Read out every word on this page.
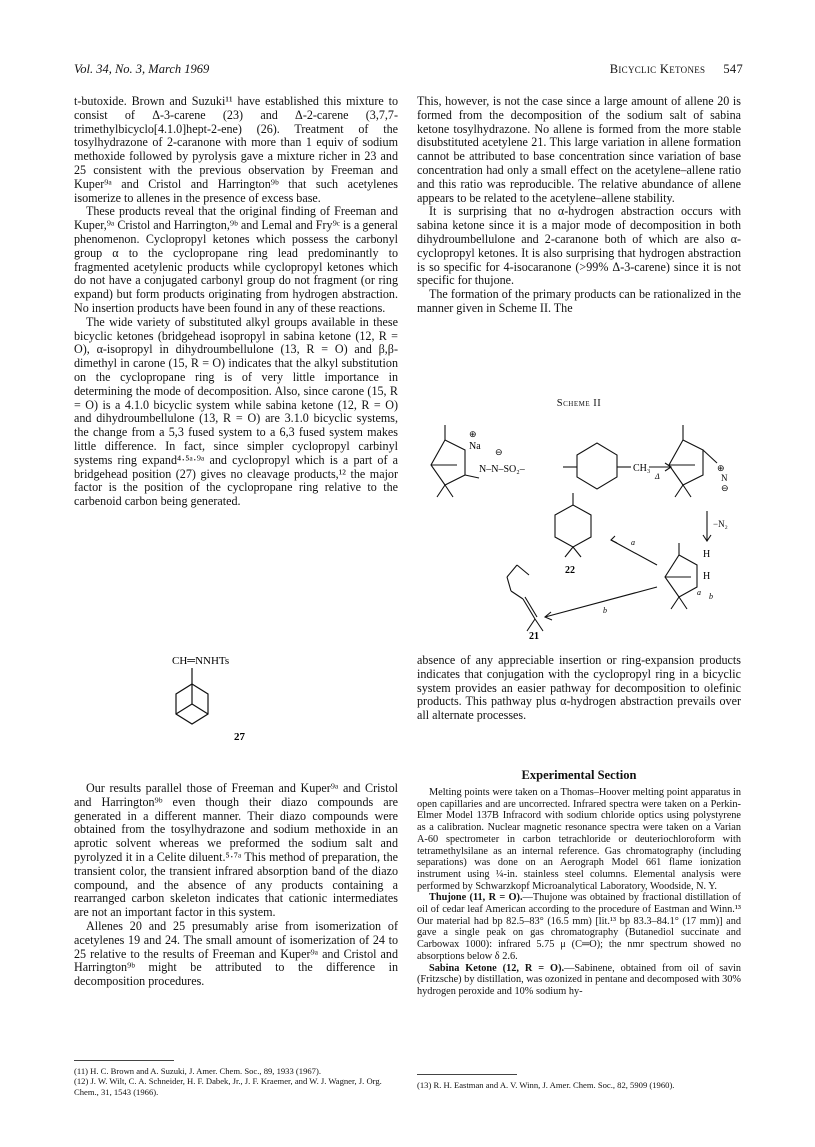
Vol. 34, No. 3, March 1969	Bicyclic Ketones 547

t-butoxide. Brown and Suzuki¹¹ have established this mixture to consist of Δ-3-carene (23) and Δ-2-carene (3,7,7-trimethylbicyclo[4.1.0]hept-2-ene) (26). Treatment of the tosylhydrazone of 2-caranone with more than 1 equiv of sodium methoxide followed by pyrolysis gave a mixture richer in 23 and 25 consistent with the previous observation by Freeman and Kuper⁹ᵃ and Cristol and Harrington⁹ᵇ that such acetylenes isomerize to allenes in the presence of excess base.

These products reveal that the original finding of Freeman and Kuper,⁹ᵃ Cristol and Harrington,⁹ᵇ and Lemal and Fry⁹ᶜ is a general phenomenon. Cyclopropyl ketones which possess the carbonyl group α to the cyclopropane ring lead predominantly to fragmented acetylenic products while cyclopropyl ketones which do not have a conjugated carbonyl group do not fragment (or ring expand) but form products originating from hydrogen abstraction. No insertion products have been found in any of these reactions.

The wide variety of substituted alkyl groups available in these bicyclic ketones (bridgehead isopropyl in sabina ketone (12, R = O), α-isopropyl in dihydroumbellulone (13, R = O) and β,β-dimethyl in carone (15, R = O) indicates that the alkyl substitution on the cyclopropane ring is of very little importance in determining the mode of decomposition. Also, since carone (15, R = O) is a 4.1.0 bicyclic system while sabina ketone (12, R = O) and dihydroumbellulone (13, R = O) are 3.1.0 bicyclic systems, the change from a 5,3 fused system to a 6,3 fused system makes little difference. In fact, since simpler cyclopropyl carbinyl systems ring expand⁴·⁵ᵃ·⁹ᵃ and cyclopropyl which is a part of a bridgehead position (27) gives no cleavage products,¹² the major factor is the position of the cyclopropane ring relative to the carbenoid carbon being generated.

CH═NNHTs
27

Our results parallel those of Freeman and Kuper⁹ᵃ and Cristol and Harrington⁹ᵇ even though their diazo compounds are generated in a different manner. Their diazo compounds were obtained from the tosylhydrazone and sodium methoxide in an aprotic solvent whereas we preformed the sodium salt and pyrolyzed it in a Celite diluent.⁵·⁷ᵃ This method of preparation, the transient color, the transient infrared absorption band of the diazo compound, and the absence of any products containing a rearranged carbon skeleton indicates that cationic intermediates are not an important factor in this system.

Allenes 20 and 25 presumably arise from isomerization of acetylenes 19 and 24. The small amount of isomerization of 24 to 25 relative to the results of Freeman and Kuper⁹ᵃ and Cristol and Harrington⁹ᵇ might be attributed to the difference in decomposition procedures.

This, however, is not the case since a large amount of allene 20 is formed from the decomposition of the sodium salt of sabina ketone tosylhydrazone. No allene is formed from the more stable disubstituted acetylene 21. This large variation in allene formation cannot be attributed to base concentration since variation of base concentration had only a small effect on the acetylene–allene ratio and this ratio was reproducible. The relative abundance of allene appears to be related to the acetylene–allene stability.

It is surprising that no α-hydrogen abstraction occurs with sabina ketone since it is a major mode of decomposition in both dihydroumbellulone and 2-caranone both of which are also α-cyclopropyl ketones. It is also surprising that hydrogen abstraction is so specific for 4-isocaranone (>99% Δ-3-carene) since it is not specific for thujone.

The formation of the primary products can be rationalized in the manner given in Scheme II. The

Scheme II
⊕
Na ⊖
N–N–SO₂–	CH₃
Δ
⊕
N
⊖
−N₂
H
H
a b
a
b
22
21

absence of any appreciable insertion or ring-expansion products indicates that conjugation with the cyclopropyl ring in a bicyclic system provides an easier pathway for decomposition to olefinic products. This pathway plus α-hydrogen abstraction prevails over all alternate processes.

Experimental Section

Melting points were taken on a Thomas–Hoover melting point apparatus in open capillaries and are uncorrected. Infrared spectra were taken on a Perkin-Elmer Model 137B Infracord with sodium chloride optics using polystyrene as a calibration. Nuclear magnetic resonance spectra were taken on a Varian A-60 spectrometer in carbon tetrachloride or deuteriochloroform with tetramethylsilane as an internal reference. Gas chromatography (including separations) was done on an Aerograph Model 661 flame ionization instrument using ¼-in. stainless steel columns. Elemental analysis were performed by Schwarzkopf Microanalytical Laboratory, Woodside, N. Y.

Thujone (11, R = O).—Thujone was obtained by fractional distillation of oil of cedar leaf American according to the procedure of Eastman and Winn.¹³ Our material had bp 82.5–83° (16.5 mm) [lit.¹³ bp 83.3–84.1° (17 mm)] and gave a single peak on gas chromatography (Butanediol succinate and Carbowax 1000): infrared 5.75 μ (C═O); the nmr spectrum showed no absorptions below δ 2.6.

Sabina Ketone (12, R = O).—Sabinene, obtained from oil of savin (Fritzsche) by distillation, was ozonized in pentane and decomposed with 30% hydrogen peroxide and 10% sodium hy-

(11) H. C. Brown and A. Suzuki, J. Amer. Chem. Soc., 89, 1933 (1967).
(12) J. W. Wilt, C. A. Schneider, H. F. Dabek, Jr., J. F. Kraemer, and W. J. Wagner, J. Org. Chem., 31, 1543 (1966).
(13) R. H. Eastman and A. V. Winn, J. Amer. Chem. Soc., 82, 5909 (1960).
